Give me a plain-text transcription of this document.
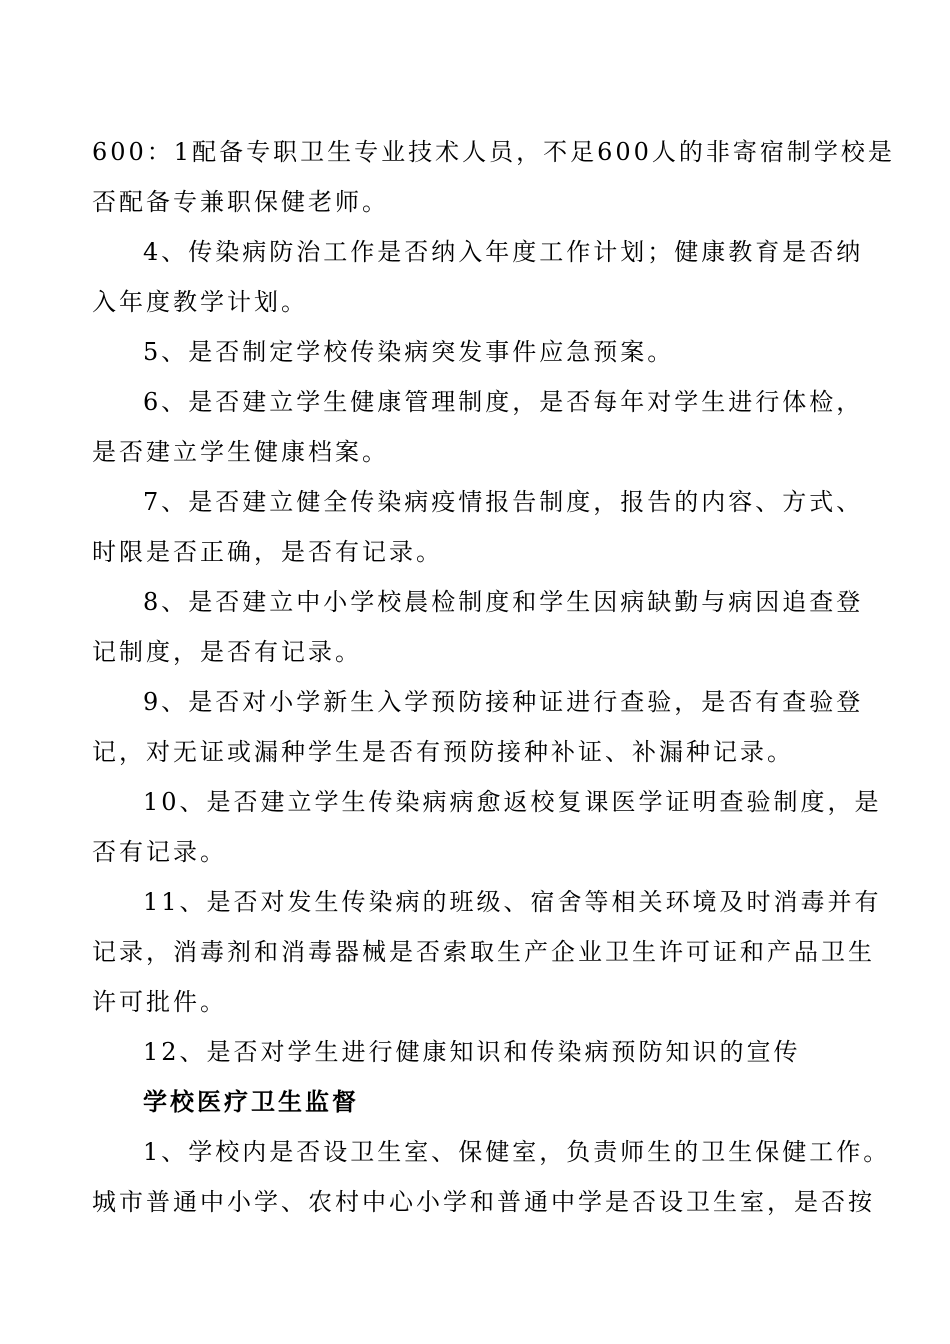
600：1配备专职卫生专业技术人员，不足600人的非寄宿制学校是
否配备专兼职保健老师。
4、传染病防治工作是否纳入年度工作计划；健康教育是否纳
入年度教学计划。
5、是否制定学校传染病突发事件应急预案。
6、是否建立学生健康管理制度，是否每年对学生进行体检，
是否建立学生健康档案。
7、是否建立健全传染病疫情报告制度，报告的内容、方式、
时限是否正确，是否有记录。
8、是否建立中小学校晨检制度和学生因病缺勤与病因追查登
记制度，是否有记录。
9、是否对小学新生入学预防接种证进行查验，是否有查验登
记，对无证或漏种学生是否有预防接种补证、补漏种记录。
10、是否建立学生传染病病愈返校复课医学证明查验制度，是
否有记录。
11、是否对发生传染病的班级、宿舍等相关环境及时消毒并有
记录，消毒剂和消毒器械是否索取生产企业卫生许可证和产品卫生
许可批件。
12、是否对学生进行健康知识和传染病预防知识的宣传
学校医疗卫生监督
1、学校内是否设卫生室、保健室，负责师生的卫生保健工作。
城市普通中小学、农村中心小学和普通中学是否设卫生室，是否按
